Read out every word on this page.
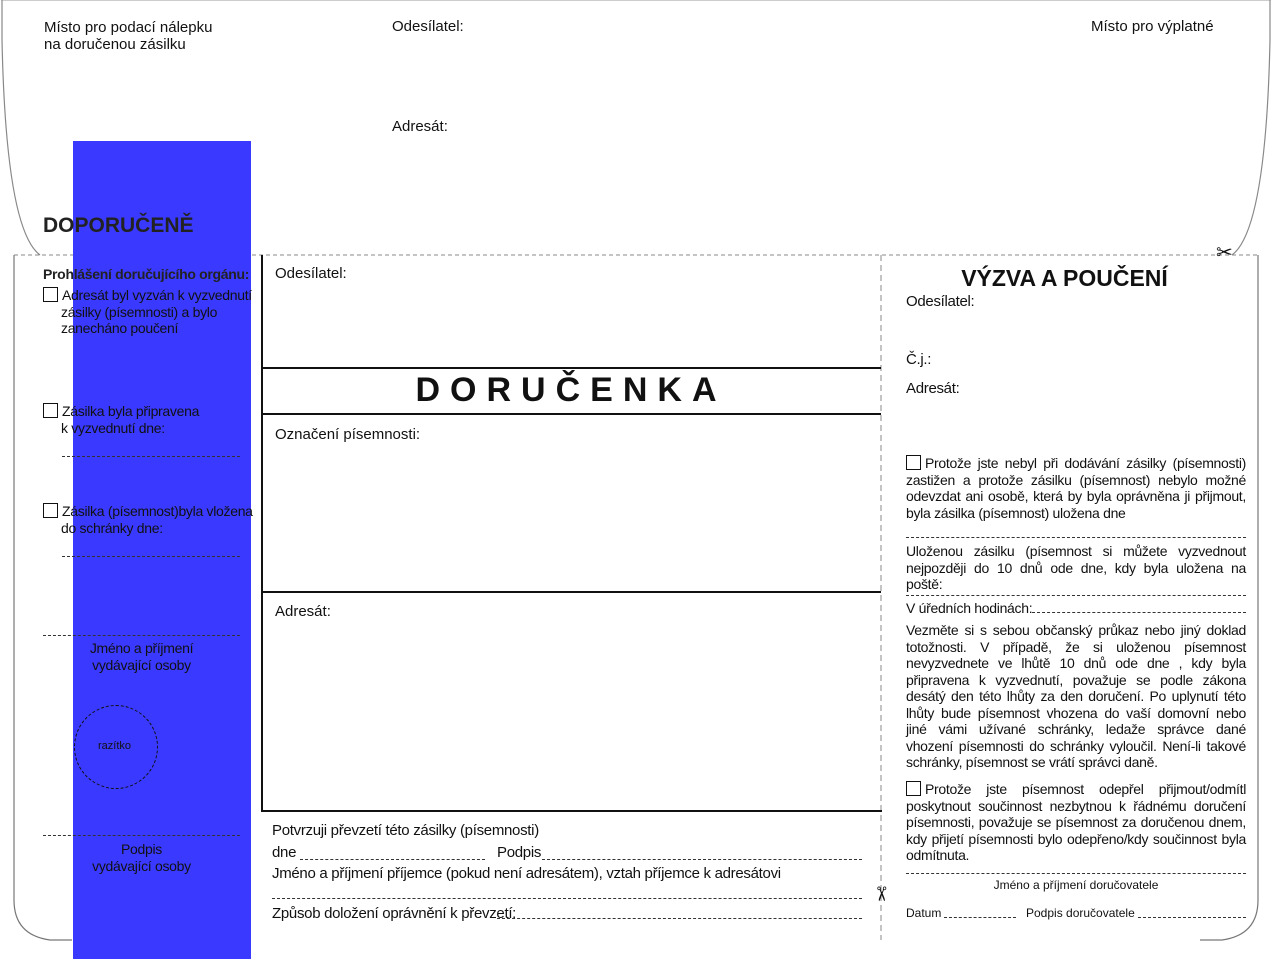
Místo pro podací nálepku
na doručenou zásilku
Odesílatel:
Adresát:
Místo pro výplatné
DOPORUČENĚ
Prohlášení doručujícího orgánu:
Adresát byl vyzván k vyzvednutí
zásilky (písemnosti) a bylo
zanecháno poučení
Zásilka byla připravena
k vyzvednutí dne:
Zásilka (písemnost)byla vložena
do schránky dne:
Jméno a příjmení
vydávající osoby
razítko
Podpis
vydávající osoby
Odesílatel:
DORUČENKA
Označení písemnosti:
Adresát:
Potvrzuji převzetí této zásilky (písemnosti)
dne	Podpis
Jméno a příjmení příjemce (pokud není adresátem), vztah příjemce k adresátovi
Způsob doložení oprávnění k převzetí:
✂
✂
VÝZVA A POUČENÍ
Odesílatel:
Č.j.:
Adresát:
Protože jste nebyl při dodávání zásilky (písemnosti) zastižen a protože zásilku (písemnost) nebylo možné odevzdat ani osobě, která by byla oprávněna ji přijmout, byla zásilka (písemnost) uložena dne
Uloženou zásilku (písemnost si můžete vyzvednout nejpozději do 10 dnů ode dne, kdy byla uložena na poště:
V úředních hodinách:
Vezměte si s sebou občanský průkaz nebo jiný doklad totožnosti. V případě, že si uloženou písemnost nevyzvednete ve lhůtě 10 dnů ode dne , kdy byla připravena k vyzvednutí, považuje se podle zákona desátý den této lhůty za den doručení. Po uplynutí této lhůty bude písemnost vhozena do vaší domovní nebo jiné vámi užívané schránky, ledaže správce dané vhození písemnosti do schránky vyloučil. Není-li takové schránky, písemnost se vrátí správci daně.
Protože jste písemnost odepřel přijmout/odmítl poskytnout součinnost nezbytnou k řádnému doručení písemnosti, považuje se písemnost za doručenou dnem, kdy přijetí písemnosti bylo odepřeno/kdy součinnost byla odmítnuta.
Jméno a příjmení doručovatele
Datum	Podpis doručovatele
